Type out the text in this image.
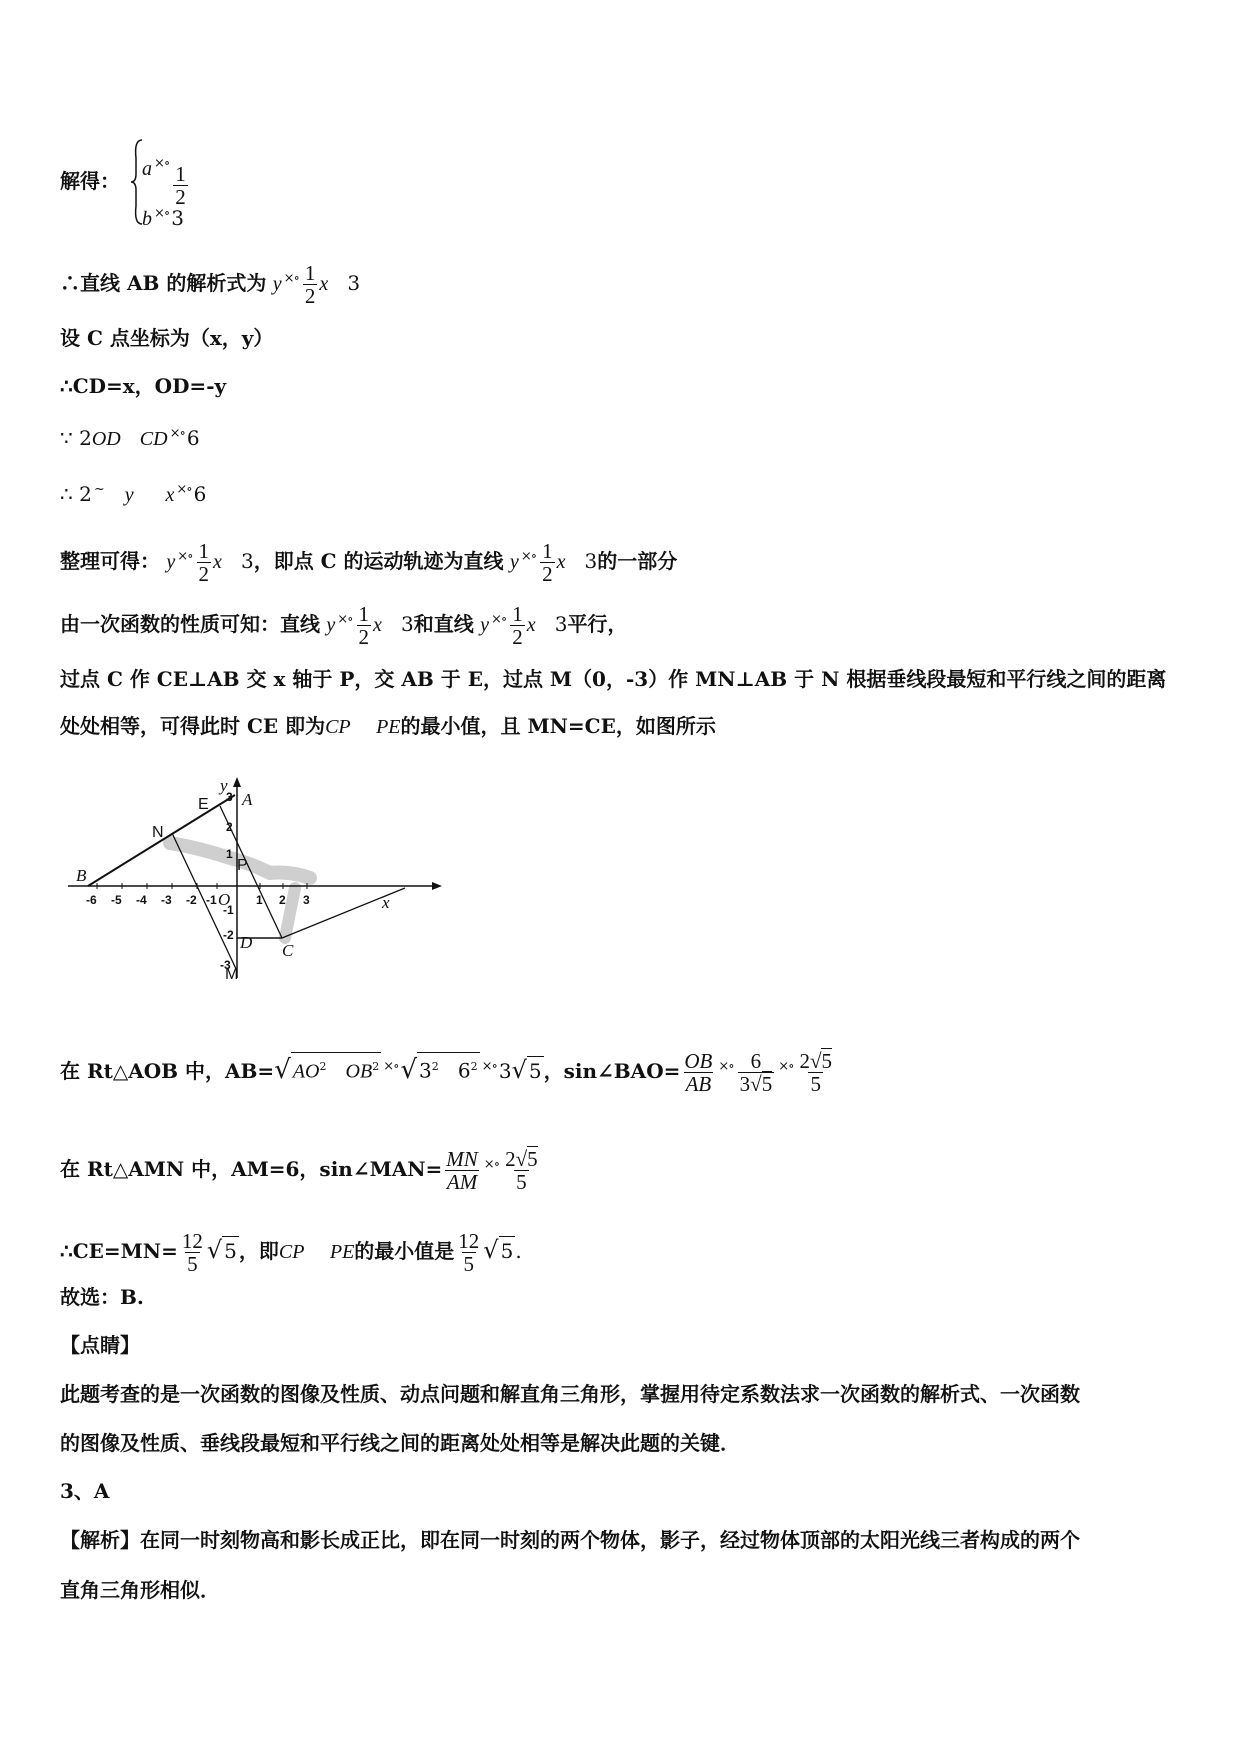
解得： a $^{\times\circ} \frac{1}{2}$
b ×∘ 3
∴直线 AB 的解析式为 y $^{\times\circ} \frac{1}{2}$ x 3
设 C 点坐标为（x，y）
∴CD=x，OD=-y
∵ 2OD CD ×∘ 6
∴ 2 ~ y x ×∘ 6
整理可得： y $^{\times\circ} \frac{1}{2}$ x 3，即点 C 的运动轨迹为直线 y $^{\times\circ} \frac{1}{2}$ x 3的一部分
由一次函数的性质可知：直线 y $^{\times\circ} \frac{1}{2}$ x 3和直线 y $^{\times\circ} \frac{1}{2}$ x 3平行，
过点 C 作 CE⊥AB 交 x 轴于 P，交 AB 于 E，过点 M（0，-3）作 MN⊥AB 于 N 根据垂线段最短和平行线之间的距离
处处相等，可得此时 CE 即为CP PE的最小值，且 MN=CE，如图所示
B
N
E A
y
P
O
D C
M
x
-6 -5 -4 -3 -2 -1	1 2 3
3
2
1
-1
-2
-3
在 Rt△AOB 中，AB=√ $AO^2$ $OB^2$ ×∘√ $3^2$ $6^2$ ×∘ 3√ 5 ，sin∠BAO= $\frac{OB}{AB} ^{\times\circ} \frac{6}{3√5} ^{\times\circ} \frac{2√5}{5}$
在 Rt△AMN 中，AM=6，sin∠MAN= $\frac{MN}{AM} ^{\times\circ} \frac{2√5}{5}$
∴CE=MN= $\frac{12}{5}$ √ 5 ，即CP PE的最小值是 $\frac{12}{5}$ √ 5 .
故选：B.
【点睛】
此题考查的是一次函数的图像及性质、动点问题和解直角三角形，掌握用待定系数法求一次函数的解析式、一次函数
的图像及性质、垂线段最短和平行线之间的距离处处相等是解决此题的关键．
3、A
【解析】在同一时刻物高和影长成正比，即在同一时刻的两个物体，影子，经过物体顶部的太阳光线三者构成的两个
直角三角形相似．
